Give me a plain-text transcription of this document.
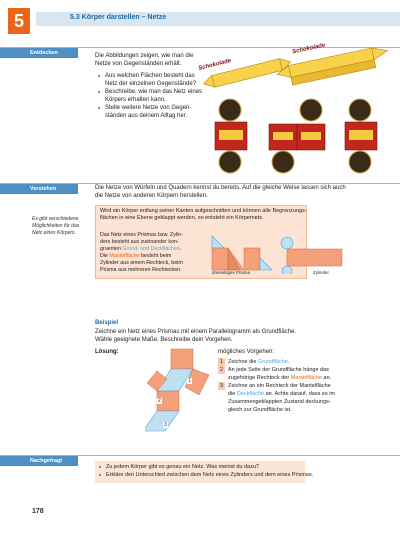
5	5.3 Körper darstellen – Netze
Entdecken	Die Abbildungen zeigen, wie man die
Netze von Gegenständen erhält.
■ Aus welchen Flächen besteht das
Netz der einzelnen Gegenstände?
■ Beschreibe, wie man das Netz eines
Körpers erhalten kann.
■ Stelle weitere Netze von Gegen-
ständen aus deinem Alltag her.
Schokolade
Schokolade
Verstehen	Die Netze von Würfeln und Quadern kennst du bereits. Auf die gleiche Weise lassen sich auch
die Netze von anderen Körpern herstellen.
Es gibt verschiedene
Möglichkeiten für das
Netz eines Körpers.
Wird ein Körper entlang seiner Kanten aufgeschnitten und können alle Begrenzungs-
flächen in eine Ebene geklappt werden, so entsteht ein Körpernetz.
Das Netz eines Prismas bzw. Zylin-
ders besteht aus zueinander kon-
gruenten Grund- und Deckflächen.
Die Mantelfläche besteht beim
Zylinder aus einem Rechteck, beim
Prisma aus mehreren Rechtecken.	dreiseitiges Prisma	Zylinder
Beispiel
Zeichne ein Netz eines Prismas mit einem Parallelogramm als Grundfläche.
Wähle geeignete Maße. Beschreibe dein Vorgehen.
Lösung:	mögliches Vorgehen:
1
2
3
1 Zeichne die Grundfläche.
2 An jede Seite der Grundfläche hänge das
zugehörige Rechteck der Mantelfläche an.
3 Zeichne an ein Rechteck der Mantelfläche
die Deckfläche an. Achte darauf, dass es im
Zusammengeklappten Zustand deckungs-
gleich zur Grundfläche ist.
Nachgefragt
■ Zu jedem Körper gibt es genau ein Netz. Was meinst du dazu?
■ Erkläre den Unterschied zwischen dem Netz eines Zylinders und dem eines Prismas.
178
